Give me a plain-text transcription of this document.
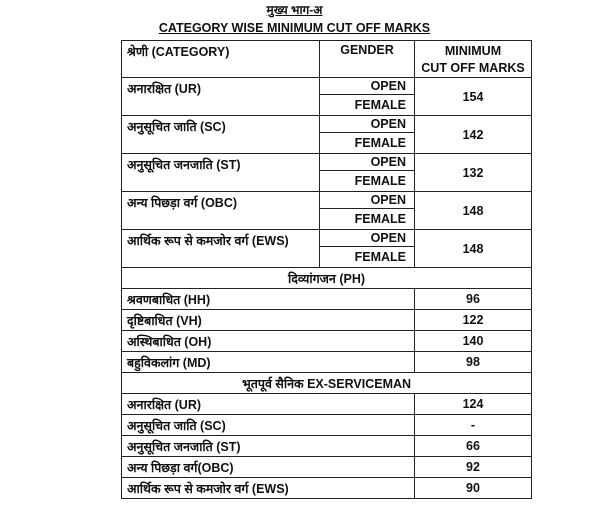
मुख्य भाग-अ
CATEGORY WISE MINIMUM CUT OFF MARKS
श्रेणी (CATEGORY)	GENDER	MINIMUM
CUT OFF MARKS
अनारक्षित (UR)	OPEN	154
	FEMALE	
अनुसूचित जाति (SC)	OPEN	142
	FEMALE	
अनुसूचित जनजाति (ST)	OPEN	132
	FEMALE	
अन्य पिछड़ा वर्ग (OBC)	OPEN	148
	FEMALE	
आर्थिक रूप से कमजोर वर्ग (EWS)	OPEN	148
	FEMALE	
दिव्यांगजन (PH)		
श्रवणबाधित (HH)		96
दृष्टिबाधित (VH)		122
अस्थिबाधित (OH)		140
बहुविकलांग (MD)		98
भूतपूर्व सैनिक EX-SERVICEMAN		
अनारक्षित (UR)		124
अनुसूचित जाति (SC)		-
अनुसूचित जनजाति (ST)		66
अन्य पिछड़ा वर्ग(OBC)		92
आर्थिक रूप से कमजोर वर्ग (EWS)		90
